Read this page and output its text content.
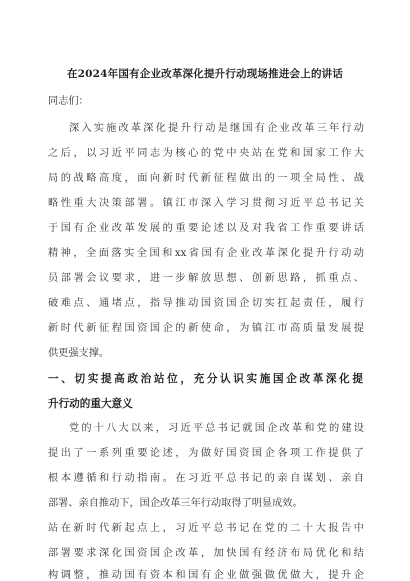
在2024年国有企业改革深化提升行动现场推进会上的讲话
同志们：
深入实施改革深化提升行动是继国有企业改革三年行动
之后，以习近平同志为核心的党中央站在党和国家工作大
局的战略高度，面向新时代新征程做出的一项全局性、战
略性重大决策部署。镇江市深入学习贯彻习近平总书记关
于国有企业改革发展的重要论述以及对我省工作重要讲话
精神，全面落实全国和xx省国有企业改革深化提升行动动
员部署会议要求，进一步解放思想、创新思路，抓重点、
破难点、通堵点，指导推动国资国企切实扛起责任，履行
新时代新征程国资国企的新使命，为镇江市高质量发展提
供更强支撑。
一、切实提高政治站位，充分认识实施国企改革深化提
升行动的重大意义
党的十八大以来，习近平总书记就国企改革和党的建设
提出了一系列重要论述，为做好国资国企各项工作提供了
根本遵循和行动指南。在习近平总书记的亲自谋划、亲自
部署、亲自推动下，国企改革三年行动取得了明显成效。
站在新时代新起点上，习近平总书记在党的二十大报告中
部署要求深化国资国企改革，加快国有经济布局优化和结
构调整，推动国有资本和国有企业做强做优做大，提升企
